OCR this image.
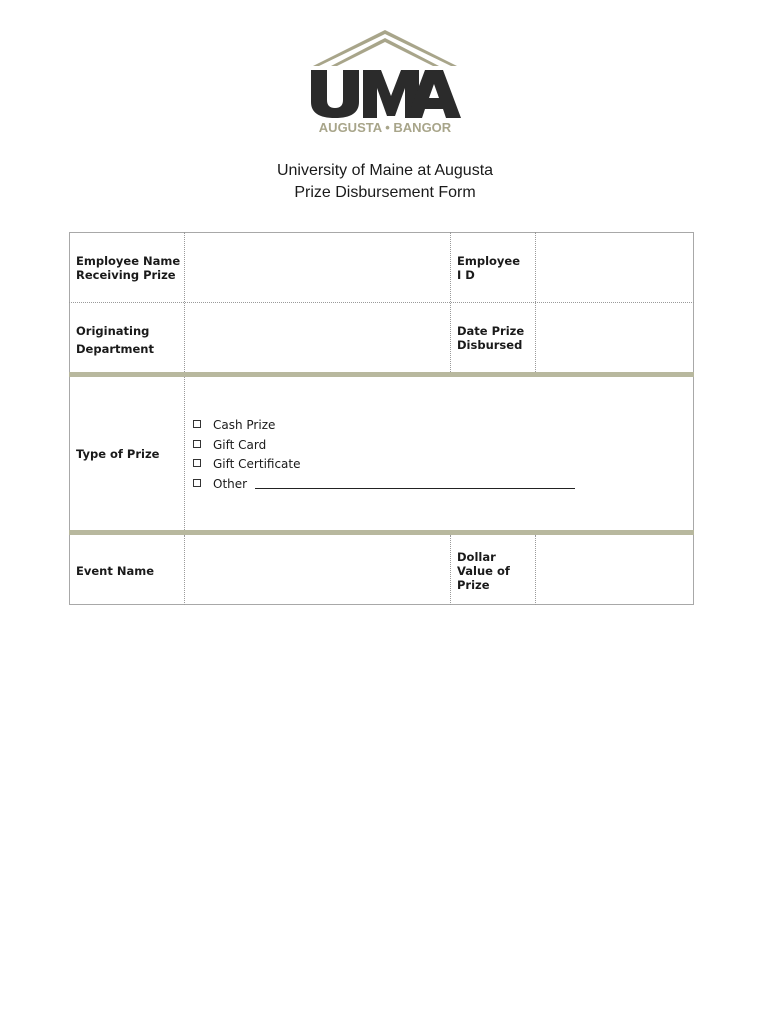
AUGUSTA • BANGOR
University of Maine at Augusta
Prize Disbursement Form
Employee Name
Receiving Prize
Employee
I D
Originating
Department
Date Prize
Disbursed
Type of Prize
Cash Prize
Gift Card
Gift Certificate
Other
Event Name
Dollar
Value of
Prize
